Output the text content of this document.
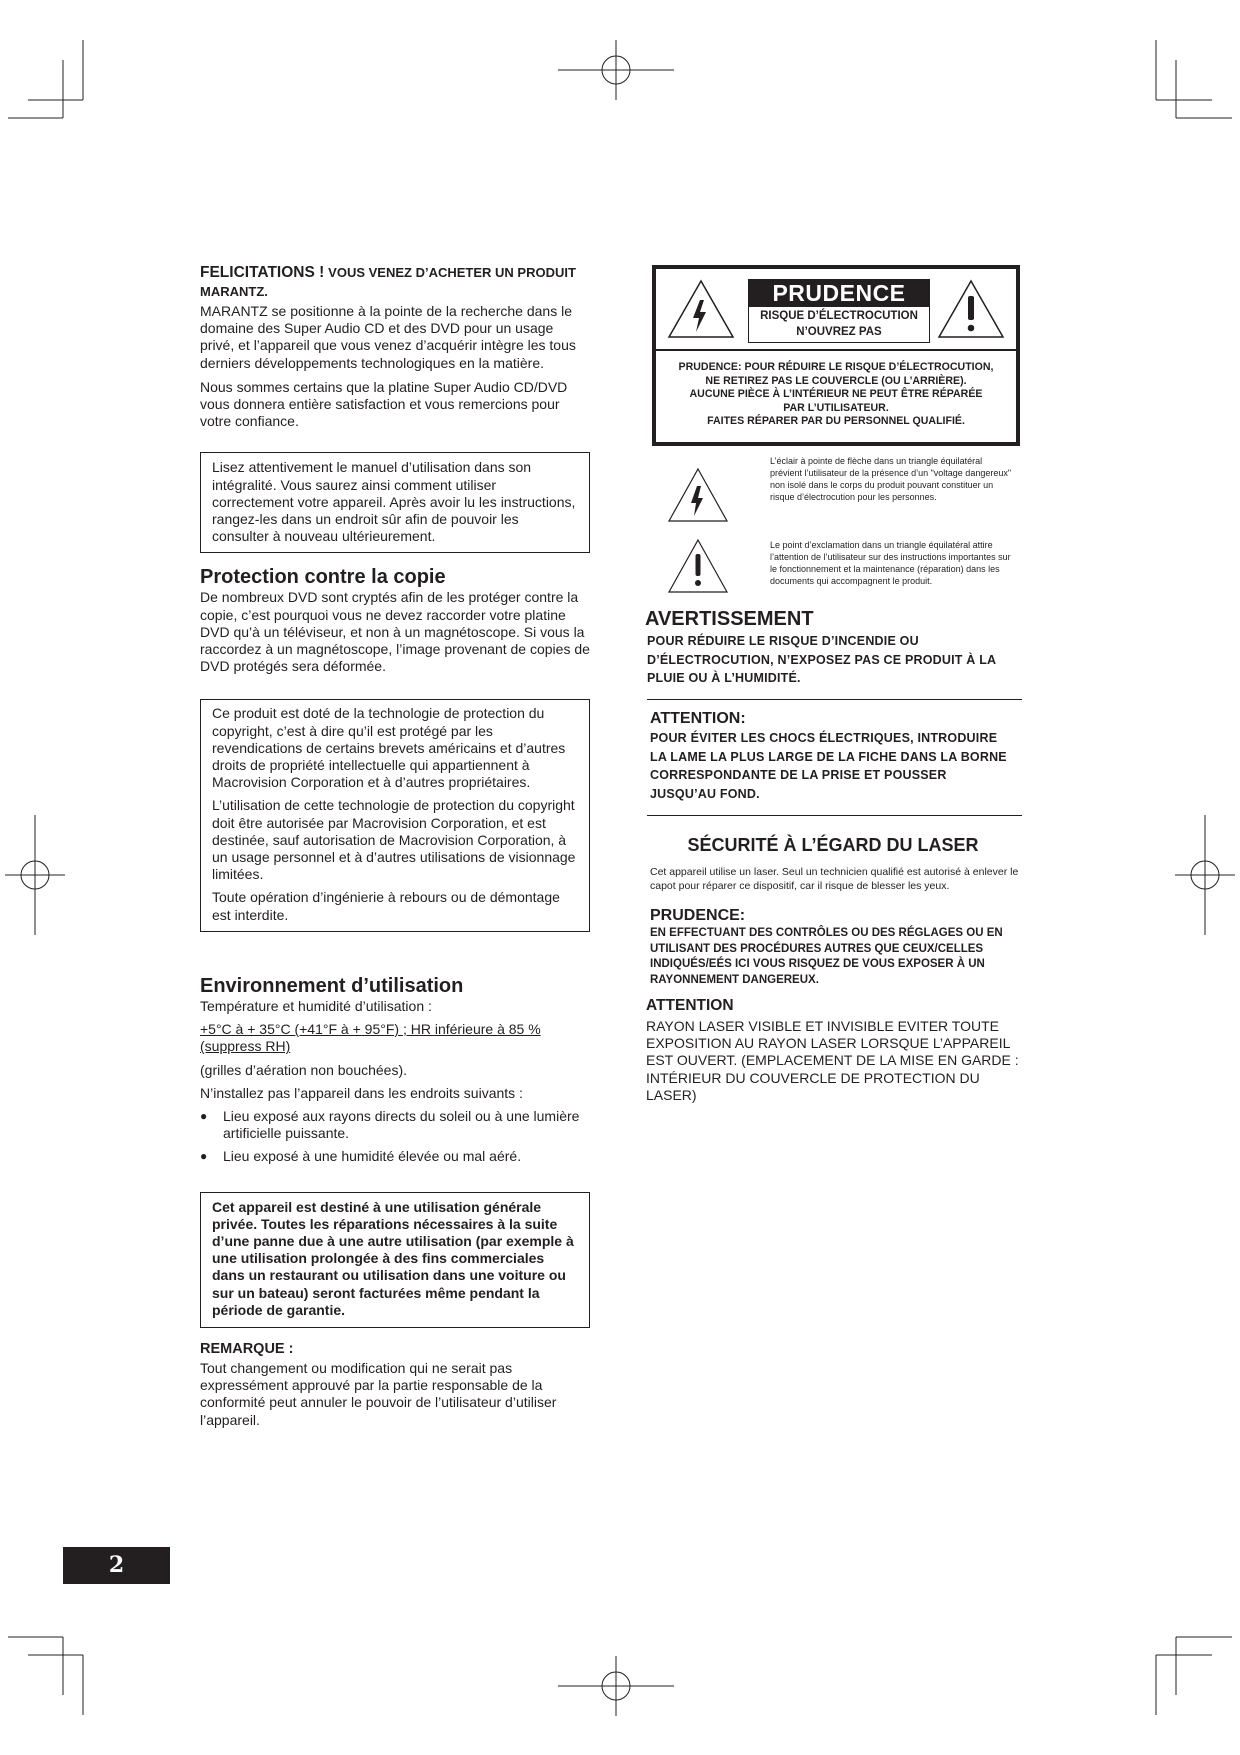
FELICITATIONS ! VOUS VENEZ D’ACHETER UN PRODUIT MARANTZ.

MARANTZ se positionne à la pointe de la recherche dans le domaine des Super Audio CD et des DVD pour un usage privé, et l’appareil que vous venez d’acquérir intègre les tous derniers développements technologiques en la matière.

Nous sommes certains que la platine Super Audio CD/DVD vous donnera entière satisfaction et vous remercions pour votre confiance.

Lisez attentivement le manuel d’utilisation dans son intégralité. Vous saurez ainsi comment utiliser correctement votre appareil. Après avoir lu les instructions, rangez-les dans un endroit sûr afin de pouvoir les consulter à nouveau ultérieurement.

Protection contre la copie

De nombreux DVD sont cryptés afin de les protéger contre la copie, c’est pourquoi vous ne devez raccorder votre platine DVD qu’à un téléviseur, et non à un magnétoscope. Si vous la raccordez à un magnétoscope, l’image provenant de copies de DVD protégés sera déformée.

Ce produit est doté de la technologie de protection du copyright, c’est à dire qu’il est protégé par les revendications de certains brevets américains et d’autres droits de propriété intellectuelle qui appartiennent à Macrovision Corporation et à d’autres propriétaires.

L’utilisation de cette technologie de protection du copyright doit être autorisée par Macrovision Corporation, et est destinée, sauf autorisation de Macrovision Corporation, à un usage personnel et à d’autres utilisations de visionnage limitées.

Toute opération d’ingénierie à rebours ou de démontage est interdite.

Environnement d’utilisation

Température et humidité d’utilisation :

+5°C à + 35°C (+41°F à + 95°F) ; HR inférieure à 85 % (suppress RH)

(grilles d’aération non bouchées).

N’installez pas l’appareil dans les endroits suivants :

● Lieu exposé aux rayons directs du soleil ou à une lumière artificielle puissante.

● Lieu exposé à une humidité élevée ou mal aéré.

Cet appareil est destiné à une utilisation générale privée. Toutes les réparations nécessaires à la suite d’une panne due à une autre utilisation (par exemple à une utilisation prolongée à des fins commerciales dans un restaurant ou utilisation dans une voiture ou sur un bateau) seront facturées même pendant la période de garantie.

REMARQUE :

Tout changement ou modification qui ne serait pas expressément approuvé par la partie responsable de la conformité peut annuler le pouvoir de l’utilisateur d’utiliser l’appareil.

PRUDENCE
RISQUE D’ÉLECTROCUTION
N’OUVREZ PAS
PRUDENCE: POUR RÉDUIRE LE RISQUE D’ÉLECTROCUTION,
NE RETIREZ PAS LE COUVERCLE (OU L’ARRIÈRE).
AUCUNE PIÈCE À L’INTÉRIEUR NE PEUT ÊTRE RÉPARÉE
PAR L’UTILISATEUR.
FAITES RÉPARER PAR DU PERSONNEL QUALIFIÉ.

L’éclair à pointe de flèche dans un triangle équilatéral prévient l’utilisateur de la présence d’un "voltage dangereux" non isolé dans le corps du produit pouvant constituer un risque d’électrocution pour les personnes.

Le point d’exclamation dans un triangle équilatéral attire l’attention de l’utilisateur sur des instructions importantes sur le fonctionnement et la maintenance (réparation) dans les documents qui accompagnent le produit.

AVERTISSEMENT

POUR RÉDUIRE LE RISQUE D’INCENDIE OU D’ÉLECTROCUTION, N’EXPOSEZ PAS CE PRODUIT À LA PLUIE OU À L’HUMIDITÉ.

ATTENTION:

POUR ÉVITER LES CHOCS ÉLECTRIQUES, INTRODUIRE LA LAME LA PLUS LARGE DE LA FICHE DANS LA BORNE CORRESPONDANTE DE LA PRISE ET POUSSER JUSQU’AU FOND.

SÉCURITÉ À L’ÉGARD DU LASER

Cet appareil utilise un laser. Seul un technicien qualifié est autorisé à enlever le capot pour réparer ce dispositif, car il risque de blesser les yeux.

PRUDENCE:

EN EFFECTUANT DES CONTRÔLES OU DES RÉGLAGES OU EN UTILISANT DES PROCÉDURES AUTRES QUE CEUX/CELLES INDIQUÉS/EÉS ICI VOUS RISQUEZ DE VOUS EXPOSER À UN RAYONNEMENT DANGEREUX.

ATTENTION

RAYON LASER VISIBLE ET INVISIBLE EVITER TOUTE EXPOSITION AU RAYON LASER LORSQUE L’APPAREIL EST OUVERT. (EMPLACEMENT DE LA MISE EN GARDE : INTÉRIEUR DU COUVERCLE DE PROTECTION DU LASER)

2
